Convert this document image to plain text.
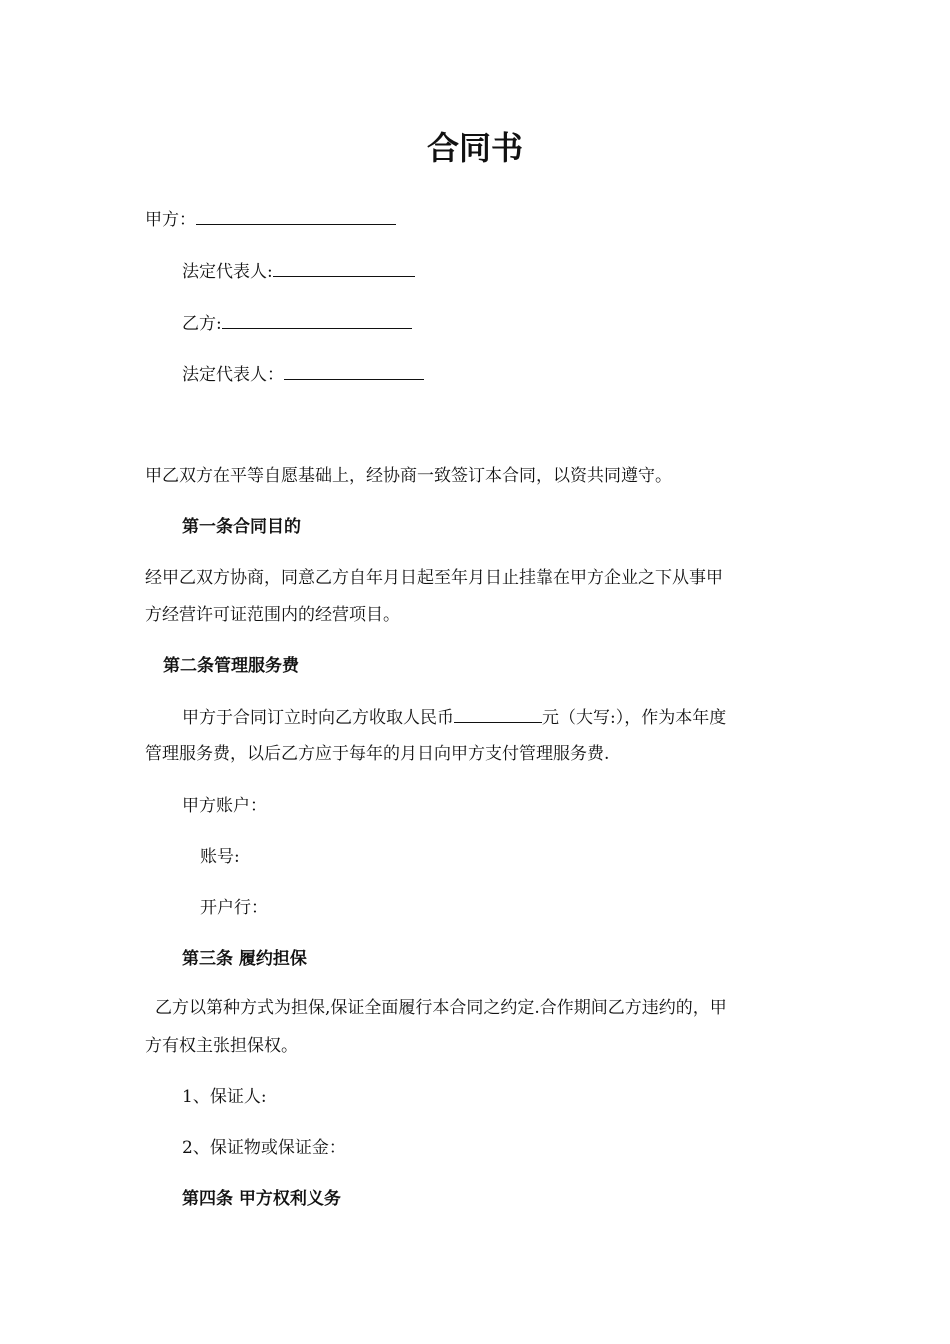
合同书
甲方：
法定代表人:
乙方:
法定代表人：
甲乙双方在平等自愿基础上，经协商一致签订本合同，以资共同遵守。
第一条合同目的
经甲乙双方协商，同意乙方自年月日起至年月日止挂靠在甲方企业之下从事甲
方经营许可证范围内的经营项目。
第二条管理服务费
甲方于合同订立时向乙方收取人民币	元（大写:），作为本年度
管理服务费，以后乙方应于每年的月日向甲方支付管理服务费.
甲方账户：
账号:
开户行：
第三条 履约担保
乙方以第种方式为担保,保证全面履行本合同之约定.合作期间乙方违约的，甲
方有权主张担保权。
1、保证人:
2、保证物或保证金：
第四条 甲方权利义务
